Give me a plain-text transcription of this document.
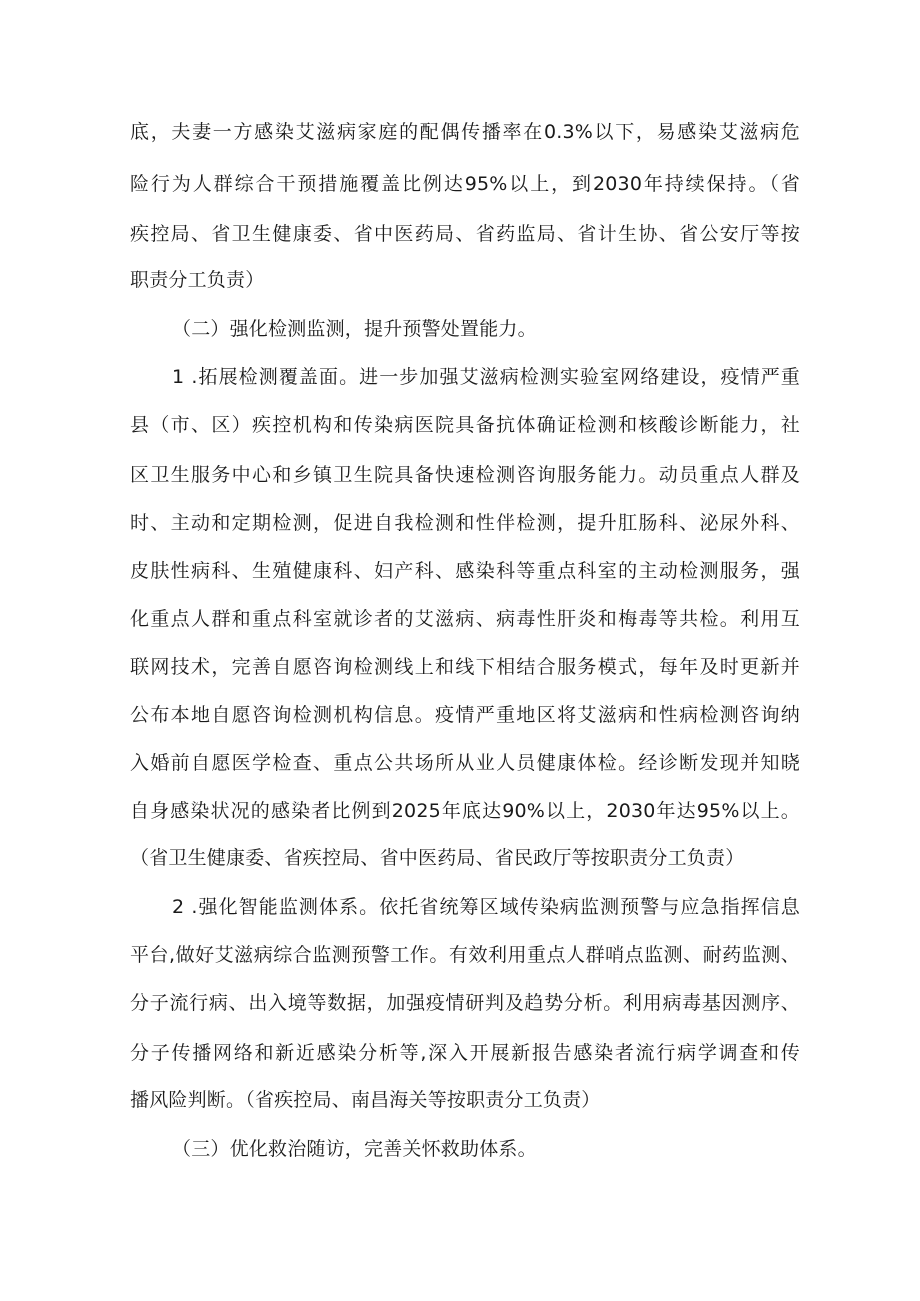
底，夫妻一方感染艾滋病家庭的配偶传播率在0.3%以下，易感染艾滋病危
险行为人群综合干预措施覆盖比例达95%以上，到2030年持续保持。（省
疾控局、省卫生健康委、省中医药局、省药监局、省计生协、省公安厅等按
职责分工负责）
（二）强化检测监测，提升预警处置能力。
1 .拓展检测覆盖面。进一步加强艾滋病检测实验室网络建设，疫情严重
县（市、区）疾控机构和传染病医院具备抗体确证检测和核酸诊断能力，社
区卫生服务中心和乡镇卫生院具备快速检测咨询服务能力。动员重点人群及
时、主动和定期检测，促进自我检测和性伴检测，提升肛肠科、泌尿外科、
皮肤性病科、生殖健康科、妇产科、感染科等重点科室的主动检测服务，强
化重点人群和重点科室就诊者的艾滋病、病毒性肝炎和梅毒等共检。利用互
联网技术，完善自愿咨询检测线上和线下相结合服务模式，每年及时更新并
公布本地自愿咨询检测机构信息。疫情严重地区将艾滋病和性病检测咨询纳
入婚前自愿医学检查、重点公共场所从业人员健康体检。经诊断发现并知晓
自身感染状况的感染者比例到2025年底达90%以上，2030年达95%以上。
（省卫生健康委、省疾控局、省中医药局、省民政厅等按职责分工负责）
2 .强化智能监测体系。依托省统筹区域传染病监测预警与应急指挥信息
平台,做好艾滋病综合监测预警工作。有效利用重点人群哨点监测、耐药监测、
分子流行病、出入境等数据，加强疫情研判及趋势分析。利用病毒基因测序、
分子传播网络和新近感染分析等,深入开展新报告感染者流行病学调查和传
播风险判断。（省疾控局、南昌海关等按职责分工负责）
（三）优化救治随访，完善关怀救助体系。
